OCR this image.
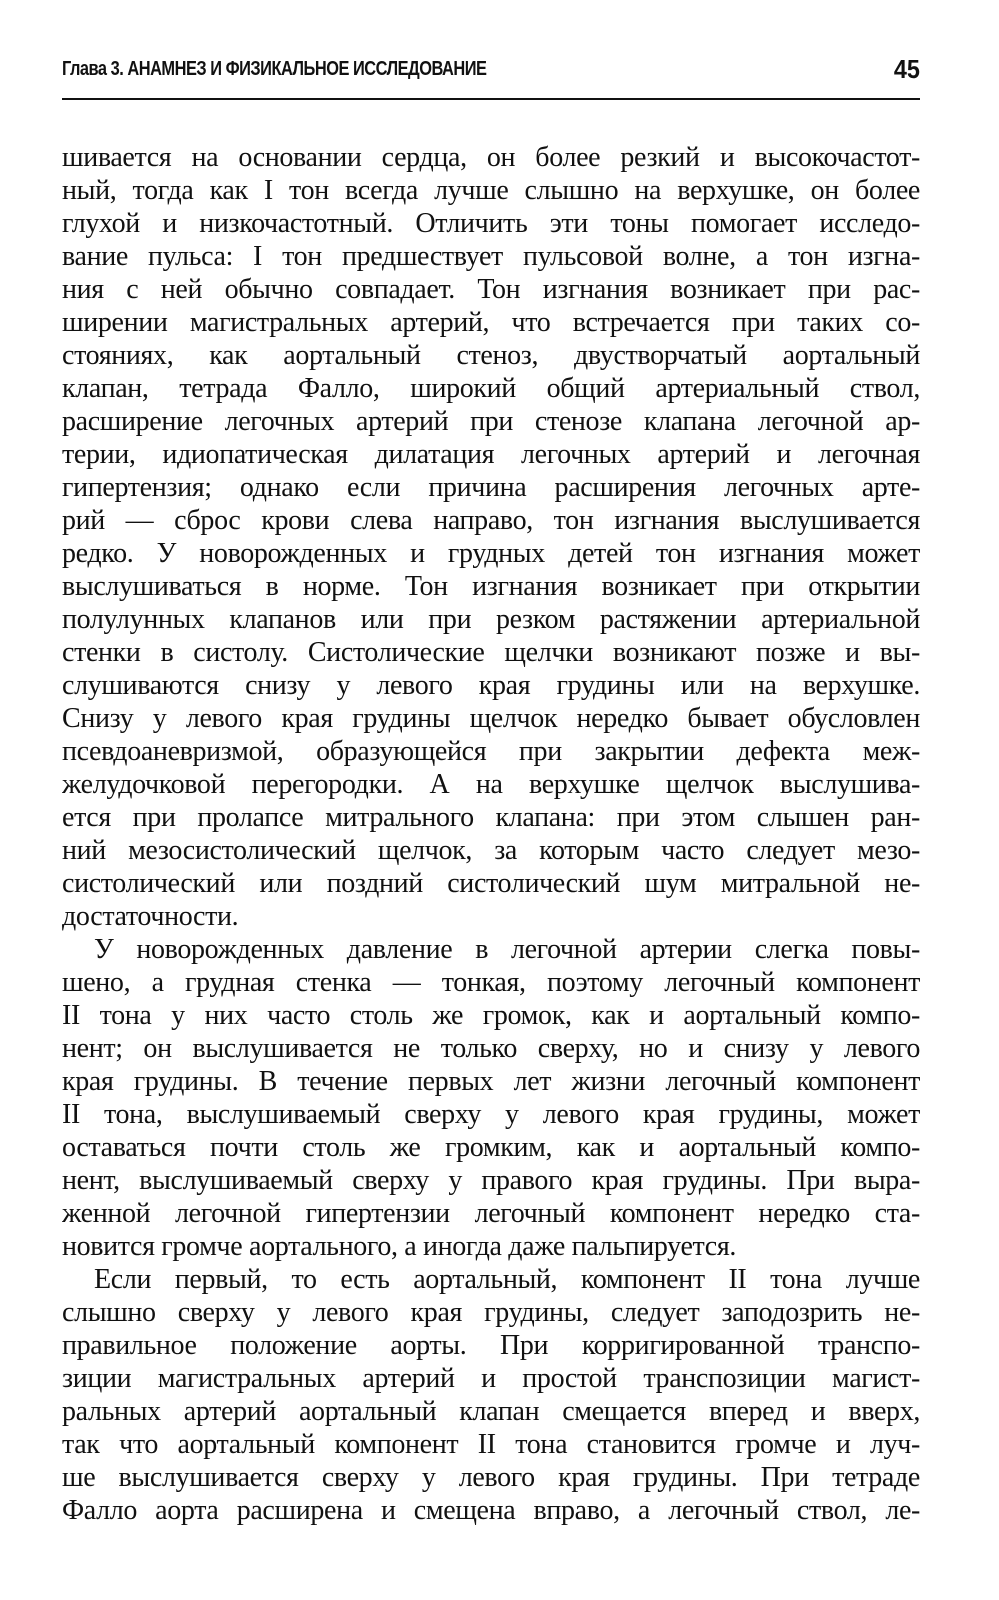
Глава 3. АНАМНЕЗ И ФИЗИКАЛЬНОЕ ИССЛЕДОВАНИЕ	45
шивается на основании сердца, он более резкий и высокочастот-
ный, тогда как I тон всегда лучше слышно на верхушке, он более
глухой и низкочастотный. Отличить эти тоны помогает исследо-
вание пульса: I тон предшествует пульсовой волне, а тон изгна-
ния с ней обычно совпадает. Тон изгнания возникает при рас-
ширении магистральных артерий, что встречается при таких со-
стояниях, как аортальный стеноз, двустворчатый аортальный
клапан, тетрада Фалло, широкий общий артериальный ствол,
расширение легочных артерий при стенозе клапана легочной ар-
терии, идиопатическая дилатация легочных артерий и легочная
гипертензия; однако если причина расширения легочных арте-
рий — сброс крови слева направо, тон изгнания выслушивается
редко. У новорожденных и грудных детей тон изгнания может
выслушиваться в норме. Тон изгнания возникает при открытии
полулунных клапанов или при резком растяжении артериальной
стенки в систолу. Систолические щелчки возникают позже и вы-
слушиваются снизу у левого края грудины или на верхушке.
Снизу у левого края грудины щелчок нередко бывает обусловлен
псевдоаневризмой, образующейся при закрытии дефекта меж-
желудочковой перегородки. А на верхушке щелчок выслушива-
ется при пролапсе митрального клапана: при этом слышен ран-
ний мезосистолический щелчок, за которым часто следует мезо-
систолический или поздний систолический шум митральной не-
достаточности.
У новорожденных давление в легочной артерии слегка повы-
шено, а грудная стенка — тонкая, поэтому легочный компонент
II тона у них часто столь же громок, как и аортальный компо-
нент; он выслушивается не только сверху, но и снизу у левого
края грудины. В течение первых лет жизни легочный компонент
II тона, выслушиваемый сверху у левого края грудины, может
оставаться почти столь же громким, как и аортальный компо-
нент, выслушиваемый сверху у правого края грудины. При выра-
женной легочной гипертензии легочный компонент нередко ста-
новится громче аортального, а иногда даже пальпируется.
Если первый, то есть аортальный, компонент II тона лучше
слышно сверху у левого края грудины, следует заподозрить не-
правильное положение аорты. При корригированной транспо-
зиции магистральных артерий и простой транспозиции магист-
ральных артерий аортальный клапан смещается вперед и вверх,
так что аортальный компонент II тона становится громче и луч-
ше выслушивается сверху у левого края грудины. При тетраде
Фалло аорта расширена и смещена вправо, а легочный ствол, ле-
